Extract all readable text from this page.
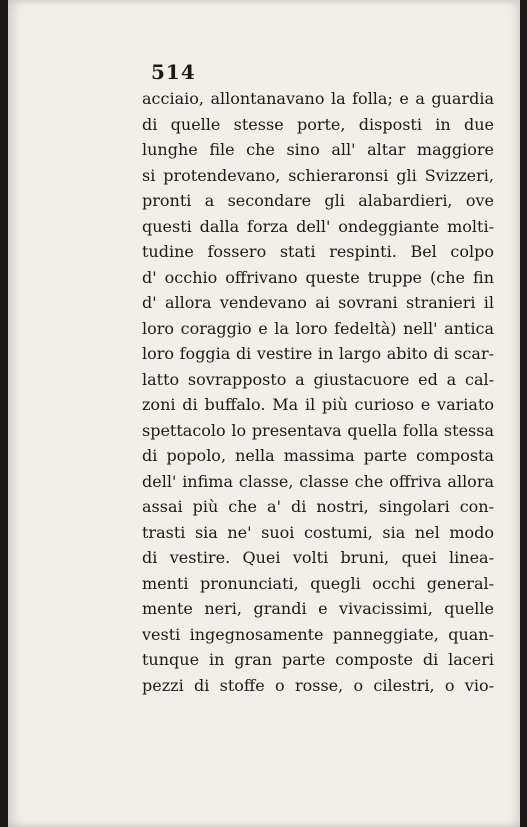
514
acciaio, allontanavano la folla; e a guardia
di quelle stesse porte, disposti in due
lunghe file che sino all' altar maggiore
si protendevano, schieraronsi gli Svizzeri,
pronti a secondare gli alabardieri, ove
questi dalla forza dell' ondeggiante molti-
tudine fossero stati respinti. Bel colpo
d' occhio offrivano queste truppe (che fin
d' allora vendevano ai sovrani stranieri il
loro coraggio e la loro fedeltà) nell' antica
loro foggia di vestire in largo abito di scar-
latto sovrapposto a giustacuore ed a cal-
zoni di buffalo. Ma il più curioso e variato
spettacolo lo presentava quella folla stessa
di popolo, nella massima parte composta
dell' infima classe, classe che offriva allora
assai più che a' di nostri, singolari con-
trasti sia ne' suoi costumi, sia nel modo
di vestire. Quei volti bruni, quei linea-
menti pronunciati, quegli occhi general-
mente neri, grandi e vivacissimi, quelle
vesti ingegnosamente panneggiate, quan-
tunque in gran parte composte di laceri
pezzi di stoffe o rosse, o cilestri, o vio-
